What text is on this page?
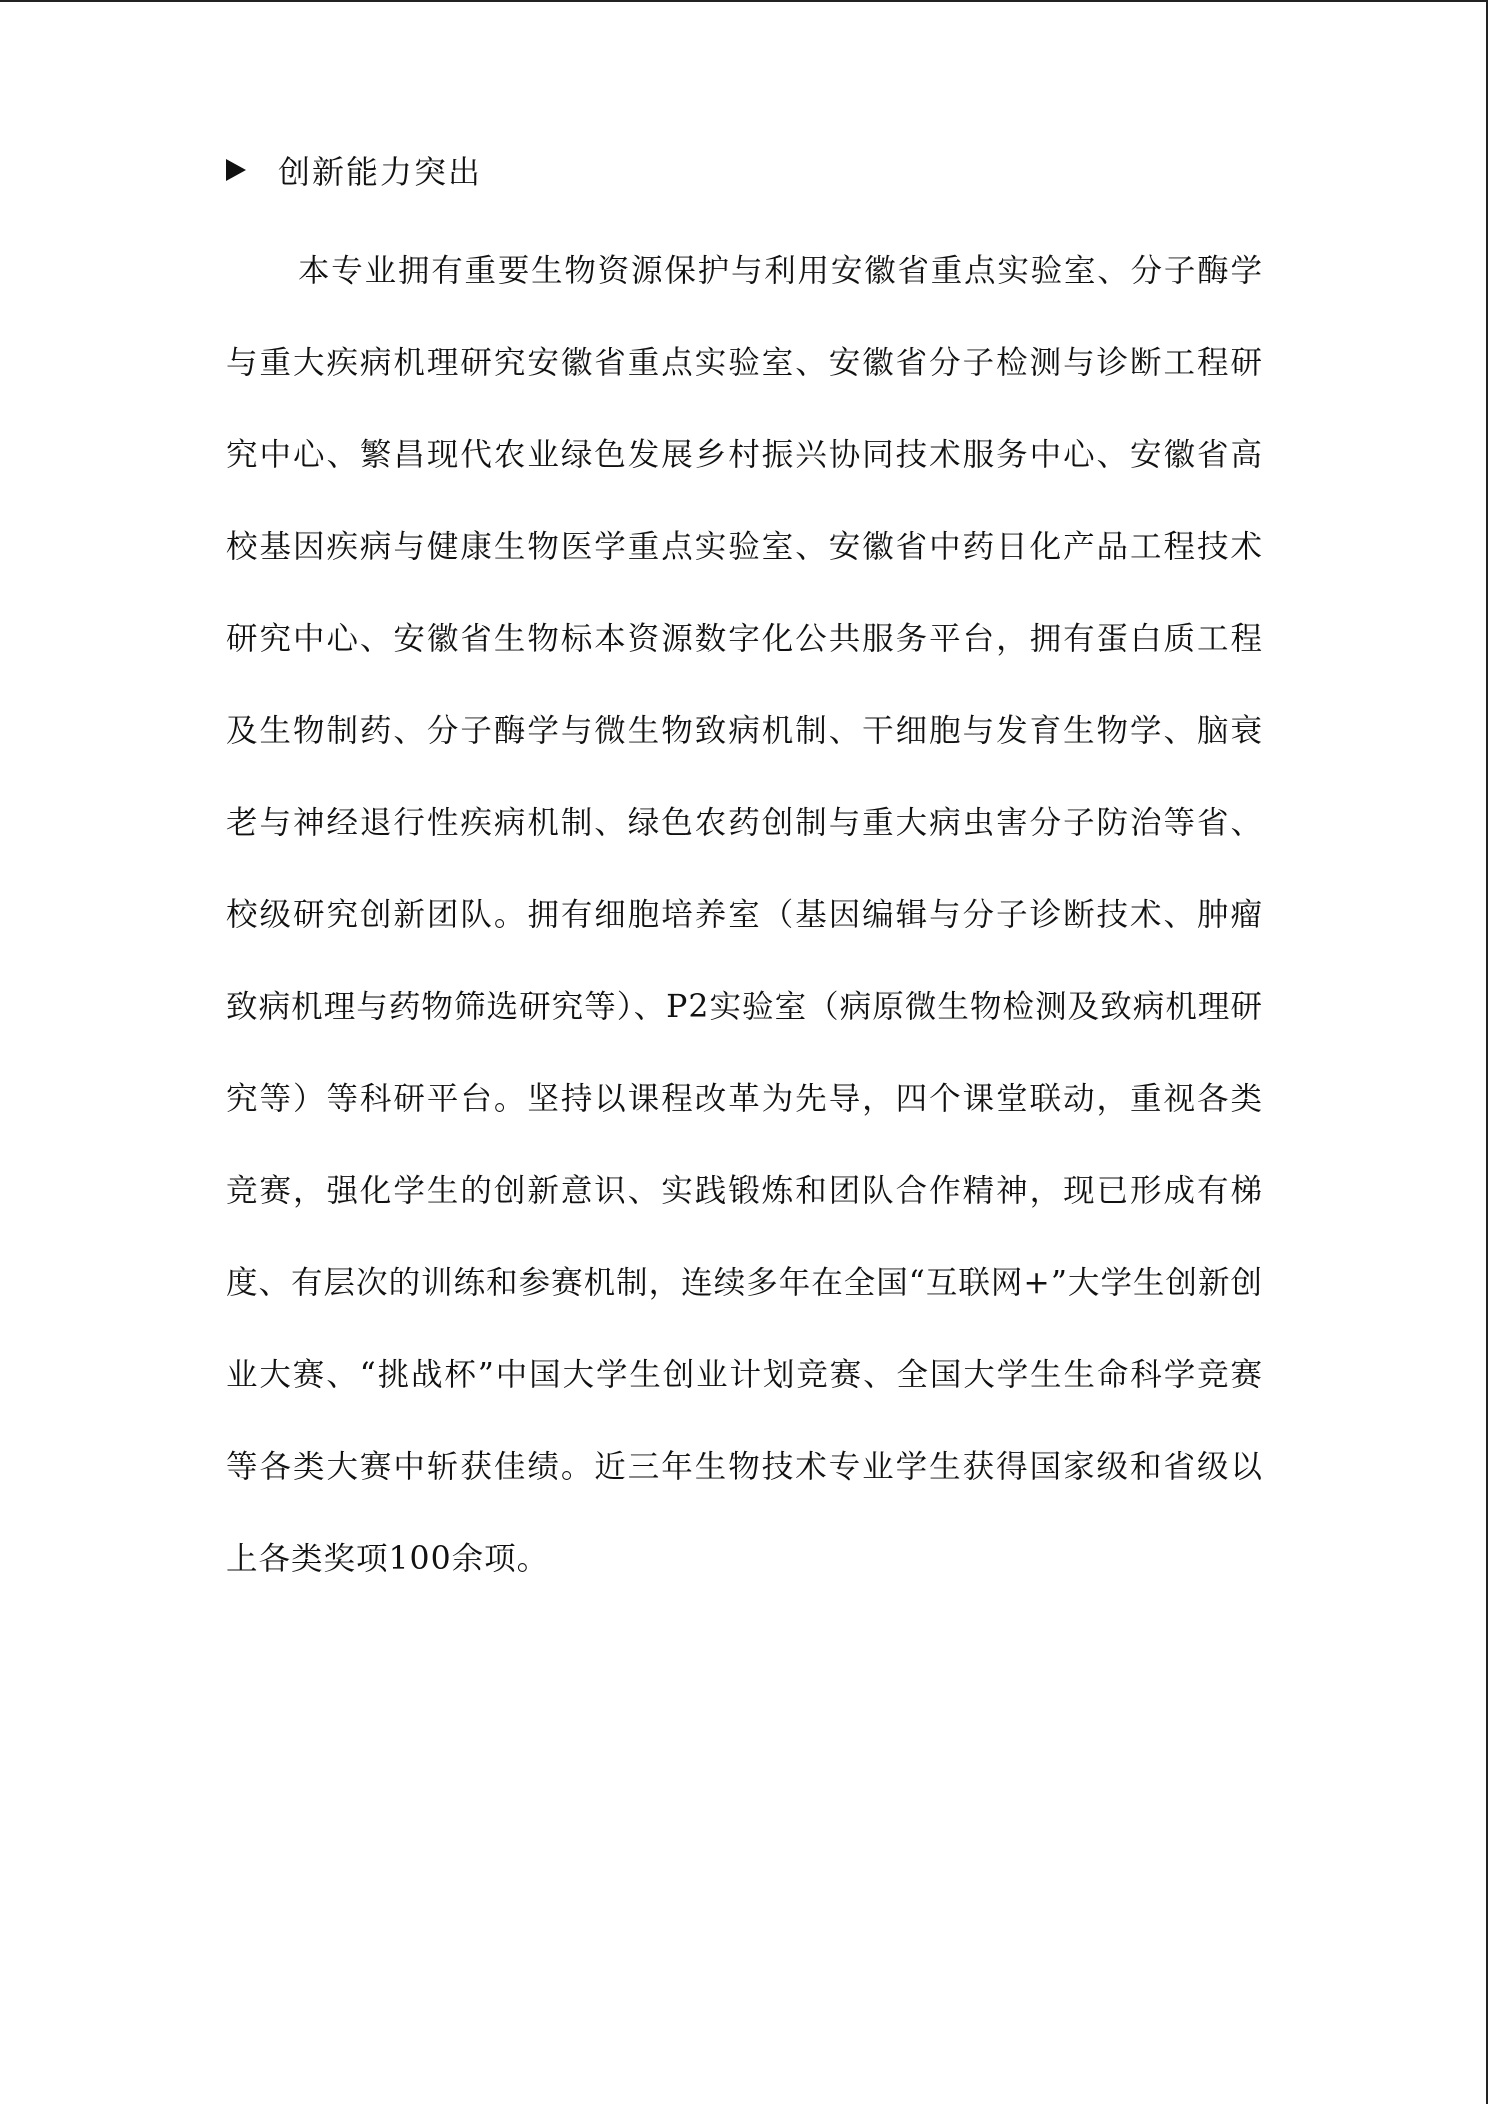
创新能力突出

本专业拥有重要生物资源保护与利用安徽省重点实验室、分子酶学与重大疾病机理研究安徽省重点实验室、安徽省分子检测与诊断工程研究中心、繁昌现代农业绿色发展乡村振兴协同技术服务中心、安徽省高校基因疾病与健康生物医学重点实验室、安徽省中药日化产品工程技术研究中心、安徽省生物标本资源数字化公共服务平台，拥有蛋白质工程及生物制药、分子酶学与微生物致病机制、干细胞与发育生物学、脑衰老与神经退行性疾病机制、绿色农药创制与重大病虫害分子防治等省、校级研究创新团队。拥有细胞培养室（基因编辑与分子诊断技术、肿瘤致病机理与药物筛选研究等）、P2实验室（病原微生物检测及致病机理研究等）等科研平台。坚持以课程改革为先导，四个课堂联动，重视各类竞赛，强化学生的创新意识、实践锻炼和团队合作精神，现已形成有梯度、有层次的训练和参赛机制，连续多年在全国“互联网+”大学生创新创业大赛、“挑战杯”中国大学生创业计划竞赛、全国大学生生命科学竞赛等各类大赛中斩获佳绩。近三年生物技术专业学生获得国家级和省级以上各类奖项100余项。
